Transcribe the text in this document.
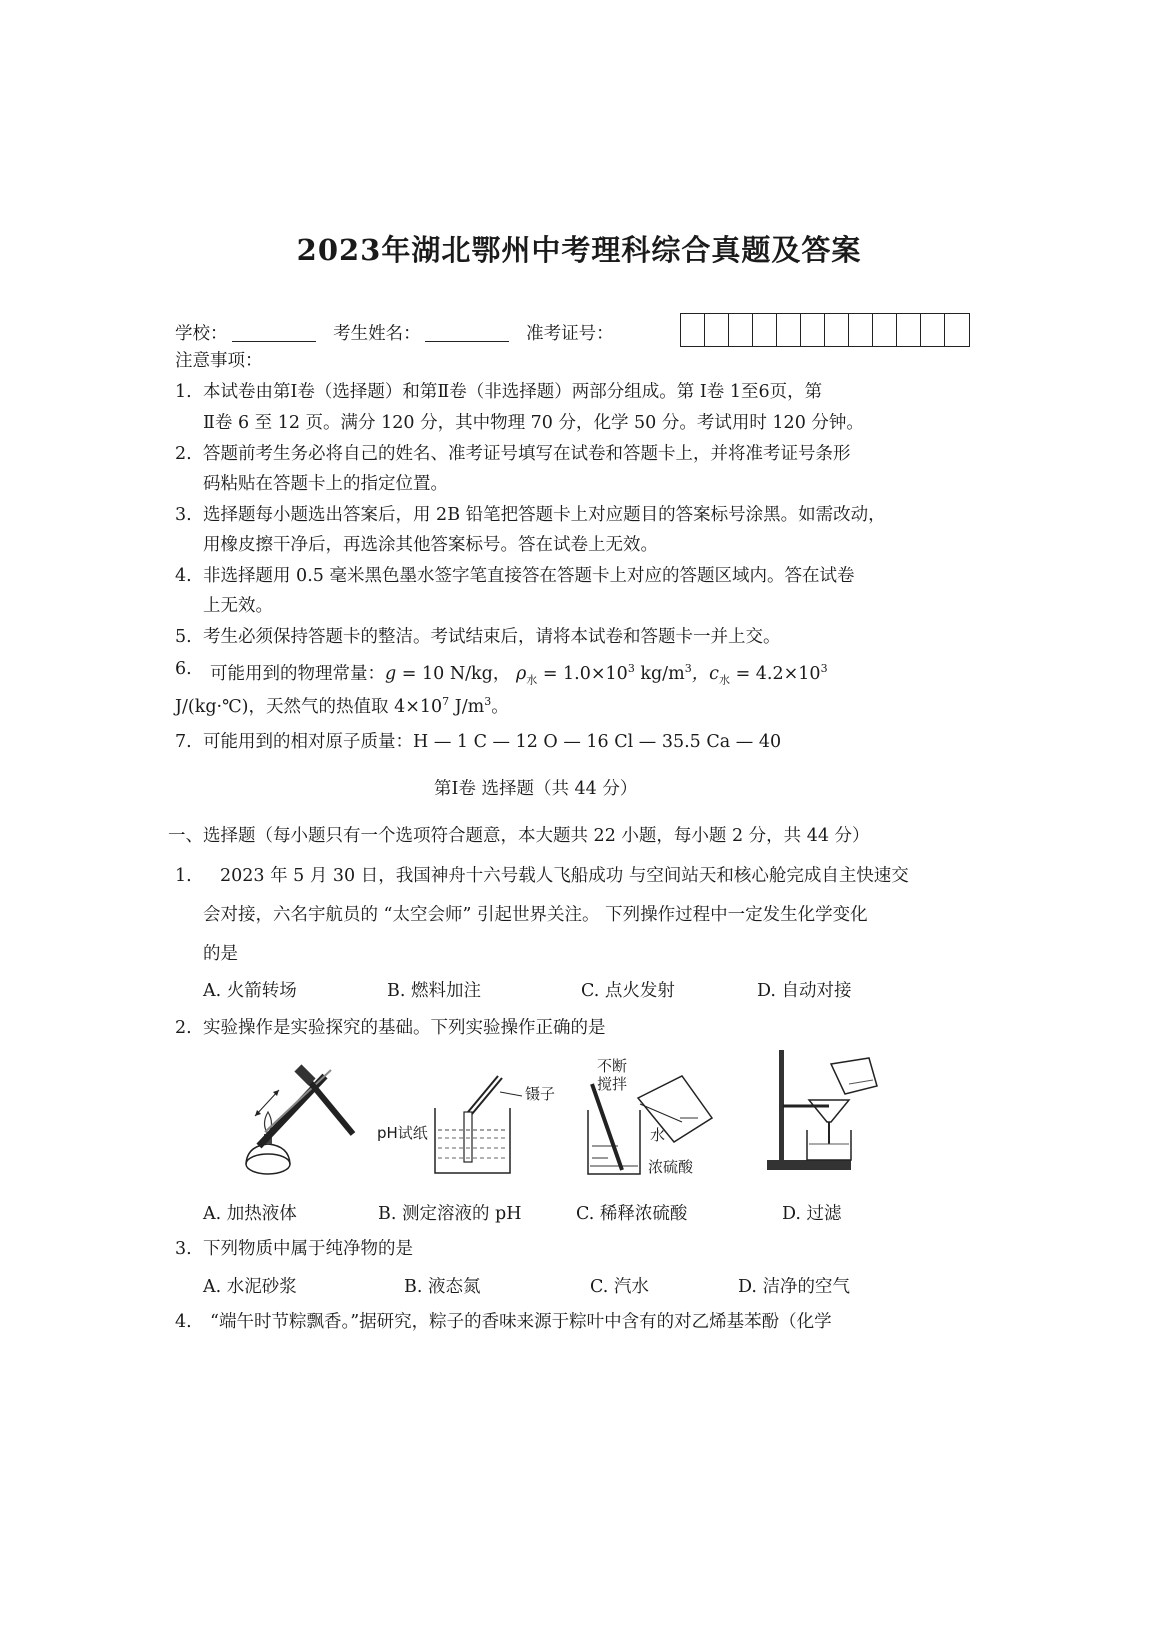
2023年湖北鄂州中考理科综合真题及答案
学校：	考生姓名：	准考证号：
注意事项：
1. 本试卷由第Ⅰ卷（选择题）和第Ⅱ卷（非选择题）两部分组成。第 Ⅰ卷 1至6页，第
Ⅱ卷 6 至 12 页。满分 120 分，其中物理 70 分，化学 50 分。考试用时 120 分钟。
2. 答题前考生务必将自己的姓名、准考证号填写在试卷和答题卡上，并将准考证号条形
码粘贴在答题卡上的指定位置。
3. 选择题每小题选出答案后，用 2B 铅笔把答题卡上对应题目的答案标号涂黑。如需改动，
用橡皮擦干净后，再选涂其他答案标号。答在试卷上无效。
4. 非选择题用 0.5 毫米黑色墨水签字笔直接答在答题卡上对应的答题区域内。答在试卷
上无效。
5. 考生必须保持答题卡的整洁。考试结束后，请将本试卷和答题卡一并上交。
6. 可能用到的物理常量：g = 10 N/kg， $\rho_水 = 1.0\times 10^3$ $kg/m^3$，$c_水 = 4.2\times 10^3$
J/(kg·℃)，天然气的热值取 $4\times 10^7$ $J/m^3$。
7. 可能用到的相对原子质量：H — 1 C — 12 O — 16 Cl — 35.5 Ca — 40
第Ⅰ卷 选择题（共 44 分）
一、选择题（每小题只有一个选项符合题意，本大题共 22 小题，每小题 2 分，共 44 分）
1. 2023 年 5 月 30 日，我国神舟十六号载人飞船成功 与空间站天和核心舱完成自主快速交
会对接，六名宇航员的 “太空会师” 引起世界关注。 下列操作过程中一定发生化学变化
的是
A. 火箭转场	B. 燃料加注	C. 点火发射	D. 自动对接
2. 实验操作是实验探究的基础。下列实验操作正确的是
镊子
pH试纸
不断
搅拌
水
浓硫酸
A. 加热液体	B. 测定溶液的 pH	C. 稀释浓硫酸	D. 过滤
3. 下列物质中属于纯净物的是
A. 水泥砂浆	B. 液态氮	C. 汽水	D. 洁净的空气
4. “端午时节粽飘香。”据研究，粽子的香味来源于粽叶中含有的对乙烯基苯酚（化学
